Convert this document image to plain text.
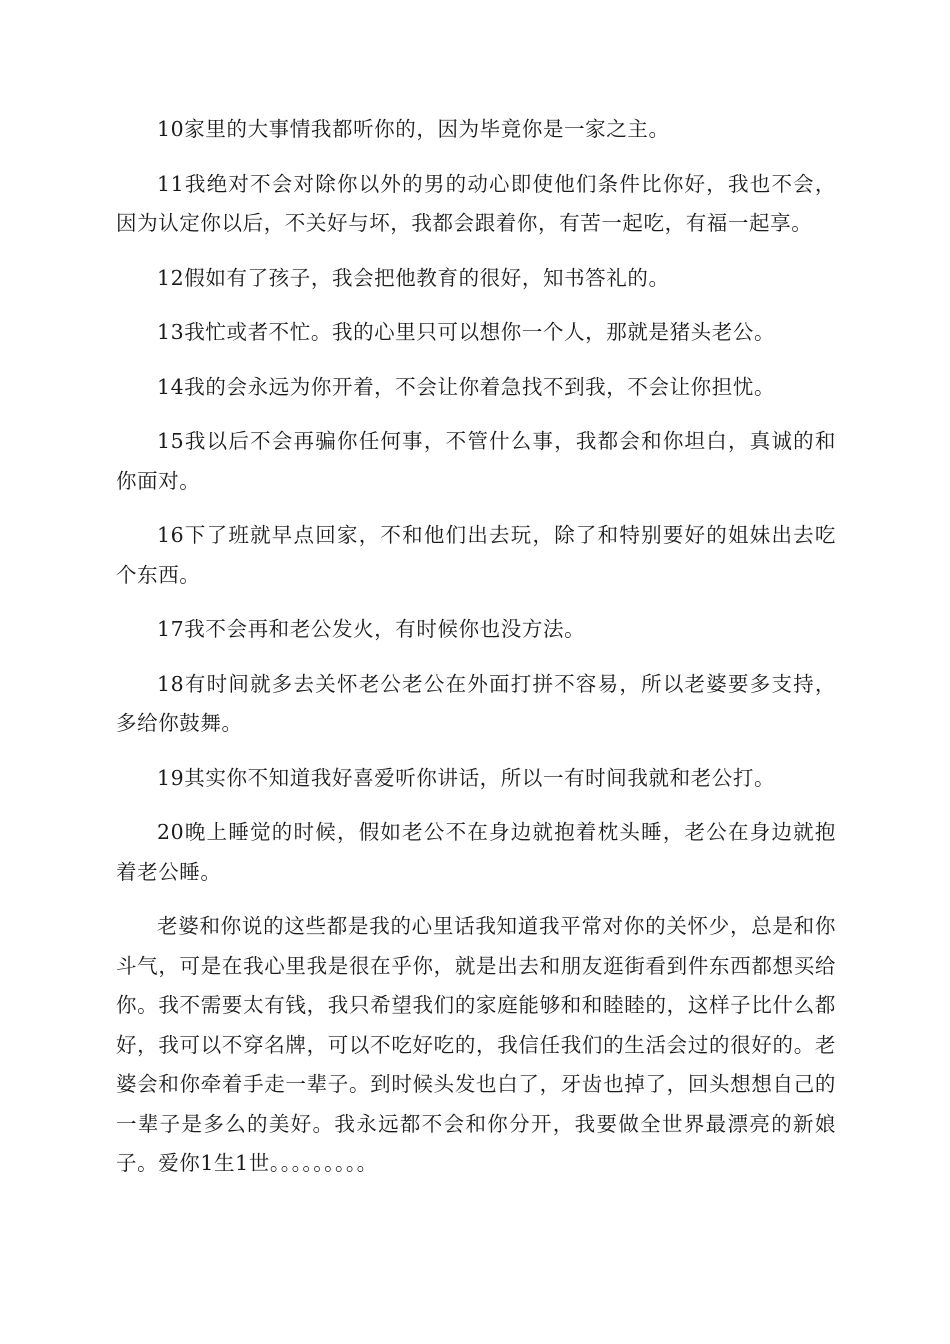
10家里的大事情我都听你的，因为毕竟你是一家之主。

11我绝对不会对除你以外的男的动心即使他们条件比你好，我也不会，因为认定你以后，不关好与坏，我都会跟着你，有苦一起吃，有福一起享。

12假如有了孩子，我会把他教育的很好，知书答礼的。

13我忙或者不忙。我的心里只可以想你一个人，那就是猪头老公。

14我的会永远为你开着，不会让你着急找不到我，不会让你担忧。

15我以后不会再骗你任何事，不管什么事，我都会和你坦白，真诚的和你面对。

16下了班就早点回家，不和他们出去玩，除了和特别要好的姐妹出去吃个东西。

17我不会再和老公发火，有时候你也没方法。

18有时间就多去关怀老公老公在外面打拼不容易，所以老婆要多支持，多给你鼓舞。

19其实你不知道我好喜爱听你讲话，所以一有时间我就和老公打。

20晚上睡觉的时候，假如老公不在身边就抱着枕头睡，老公在身边就抱着老公睡。

老婆和你说的这些都是我的心里话我知道我平常对你的关怀少，总是和你斗气，可是在我心里我是很在乎你，就是出去和朋友逛街看到件东西都想买给你。我不需要太有钱，我只希望我们的家庭能够和和睦睦的，这样子比什么都好，我可以不穿名牌，可以不吃好吃的，我信任我们的生活会过的很好的。老婆会和你牵着手走一辈子。到时候头发也白了，牙齿也掉了，回头想想自己的一辈子是多么的美好。我永远都不会和你分开，我要做全世界最漂亮的新娘子。爱你1生1世。。。。。。。。。
